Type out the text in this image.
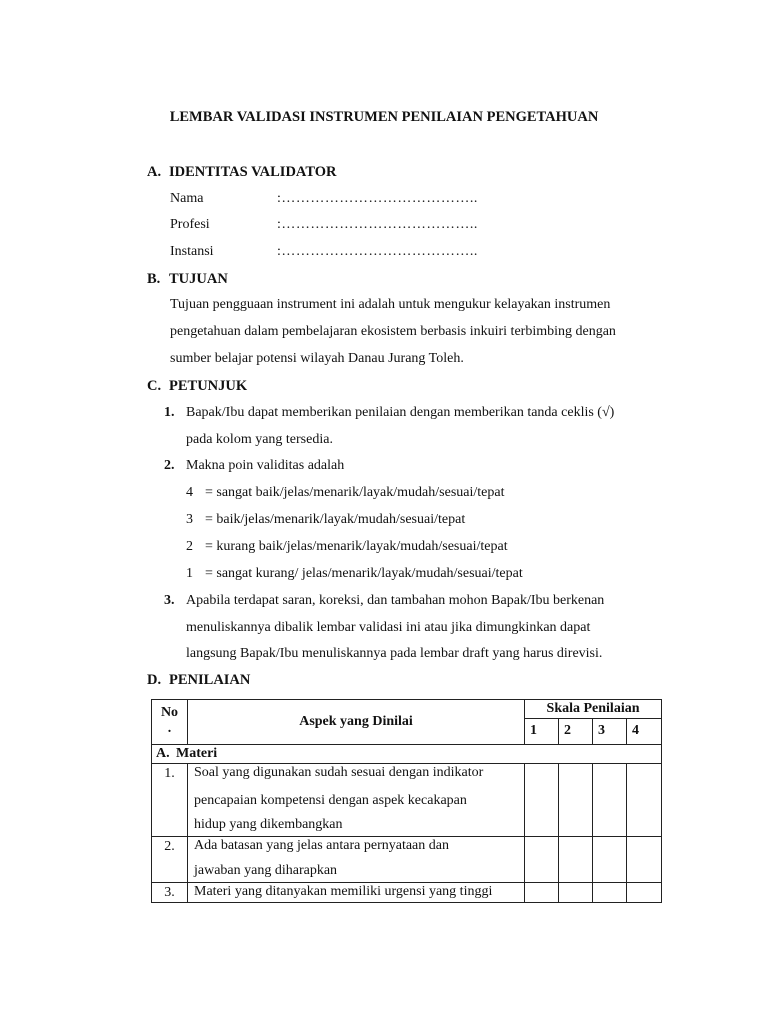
LEMBAR VALIDASI INSTRUMEN PENILAIAN PENGETAHUAN
A. IDENTITAS VALIDATOR
Nama	:…………………………………..
Profesi	:…………………………………..
Instansi	:…………………………………..
B. TUJUAN
Tujuan pengguaan instrument ini adalah untuk mengukur kelayakan instrumen
pengetahuan dalam pembelajaran ekosistem berbasis inkuiri terbimbing dengan
sumber belajar potensi wilayah Danau Jurang Toleh.
C. PETUNJUK
1. Bapak/Ibu dapat memberikan penilaian dengan memberikan tanda ceklis (√)
pada kolom yang tersedia.
2. Makna poin validitas adalah
4 = sangat baik/jelas/menarik/layak/mudah/sesuai/tepat
3 = baik/jelas/menarik/layak/mudah/sesuai/tepat
2 = kurang baik/jelas/menarik/layak/mudah/sesuai/tepat
1 = sangat kurang/ jelas/menarik/layak/mudah/sesuai/tepat
3. Apabila terdapat saran, koreksi, dan tambahan mohon Bapak/Ibu berkenan
menuliskannya dibalik lembar validasi ini atau jika dimungkinkan dapat
langsung Bapak/Ibu menuliskannya pada lembar draft yang harus direvisi.
D. PENILAIAN
No
.	Aspek yang Dinilai	Skala Penilaian			
		1	2	3	4
A. Materi					
1.	Soal yang digunakan sudah sesuai dengan indikator
pencapaian kompetensi dengan aspek kecakapan
hidup yang dikembangkan				

2.	Ada batasan yang jelas antara pernyataan dan
jawaban yang diharapkan				

3.	Materi yang ditanyakan memiliki urgensi yang tinggi				
